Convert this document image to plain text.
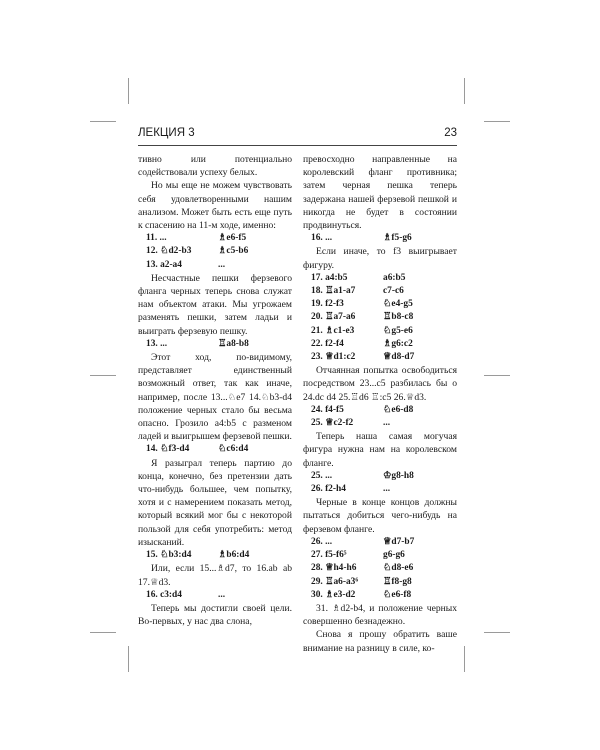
ЛЕКЦИЯ 3	23

тивно или потенциально содействовали успеху белых.

Но мы еще не можем чувствовать себя удовлетворенными нашим анализом. Может быть есть еще путь к спасению на 11-м ходе, именно:

11. ...	♗e6-f5
12. ♘d2-b3	♗c5-b6
13. a2-a4	...

Несчастные пешки ферзевого фланга черных теперь снова служат нам объектом атаки. Мы угрожаем разменять пешки, затем ладьи и выиграть ферзевую пешку.

13. ...	♖a8-b8

Этот ход, по-видимому, представляет единственный возможный ответ, так как иначе, например, после 13...♘e7 14.♘b3-d4 положение черных стало бы весьма опасно. Грозило a4:b5 с разменом ладей и выигрышем ферзевой пешки.

14. ♘f3-d4	♘c6:d4

Я разыграл теперь партию до конца, конечно, без претензии дать что-нибудь большее, чем попытку, хотя и с намерением показать метод, который всякий мог бы с некоторой пользой для себя употребить: метод изысканий.

15. ♘b3:d4	♗b6:d4

Или, если 15...♗d7, то 16.ab ab 17.♕d3.

16. c3:d4	...

Теперь мы достигли своей цели. Во-первых, у нас два слона,

превосходно направленные на королевский фланг противника; затем черная пешка теперь задержана нашей ферзевой пешкой и никогда не будет в состоянии продвинуться.

16. ...	♗f5-g6

Если иначе, то f3 выигрывает фигуру.

17. a4:b5	a6:b5
18. ♖a1-a7	c7-c6
19. f2-f3	♘e4-g5
20. ♖a7-a6	♖b8-c8
21. ♗c1-e3	♘g5-e6
22. f2-f4	♗g6:c2
23. ♕d1:c2	♕d8-d7

Отчаянная попытка освободиться посредством 23...c5 разбилась бы о 24.dc d4 25.♖d6 ♖:c5 26.♕d3.

24. f4-f5	♘e6-d8
25. ♕c2-f2	...

Теперь наша самая могучая фигура нужна нам на королевском фланге.

25. ...	♔g8-h8
26. f2-h4	...

Черные в конце концов должны пытаться добиться чего-нибудь на ферзевом фланге.

26. ...	♕d7-b7
27. f5-f6⁵	g6-g6
28. ♕h4-h6	♘d8-e6
29. ♖a6-a3⁶	♖f8-g8
30. ♗e3-d2	♘e6-f8

31. ♗d2-b4, и положение черных совершенно безнадежно.

Снова я прошу обратить ваше внимание на разницу в силе, ко-
